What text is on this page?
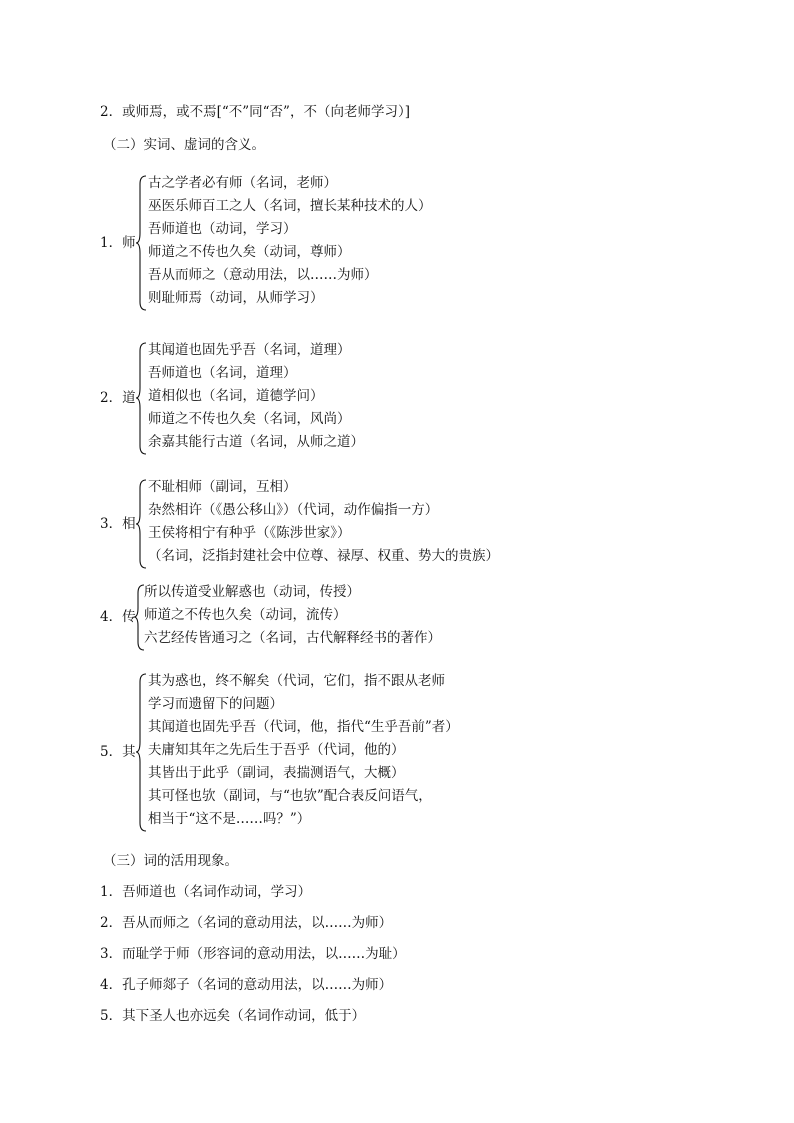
2．或师焉，或不焉[“不”同“否”，不（向老师学习）]
（二）实词、虚词的含义。
1．师
古之学者必有师（名词，老师）
巫医乐师百工之人（名词，擅长某种技术的人）
吾师道也（动词，学习）
师道之不传也久矣（动词，尊师）
吾从而师之（意动用法，以……为师）
则耻师焉（动词，从师学习）
2．道
其闻道也固先乎吾（名词，道理）
吾师道也（名词，道理）
道相似也（名词，道德学问）
师道之不传也久矣（名词，风尚）
余嘉其能行古道（名词，从师之道）
3．相
不耻相师（副词，互相）
杂然相许（《愚公移山》）（代词，动作偏指一方）
王侯将相宁有种乎（《陈涉世家》）
（名词，泛指封建社会中位尊、禄厚、权重、势大的贵族）
4．传
所以传道受业解惑也（动词，传授）
师道之不传也久矣（动词，流传）
六艺经传皆通习之（名词，古代解释经书的著作）
5．其
其为惑也，终不解矣（代词，它们，指不跟从老师
学习而遗留下的问题）
其闻道也固先乎吾（代词，他，指代“生乎吾前”者）
夫庸知其年之先后生于吾乎（代词，他的）
其皆出于此乎（副词，表揣测语气，大概）
其可怪也欤（副词，与“也欤”配合表反问语气，
相当于“这不是……吗？”）
（三）词的活用现象。
1．吾师道也（名词作动词，学习）
2．吾从而师之（名词的意动用法，以……为师）
3．而耻学于师（形容词的意动用法，以……为耻）
4．孔子师郯子（名词的意动用法，以……为师）
5．其下圣人也亦远矣（名词作动词，低于）
